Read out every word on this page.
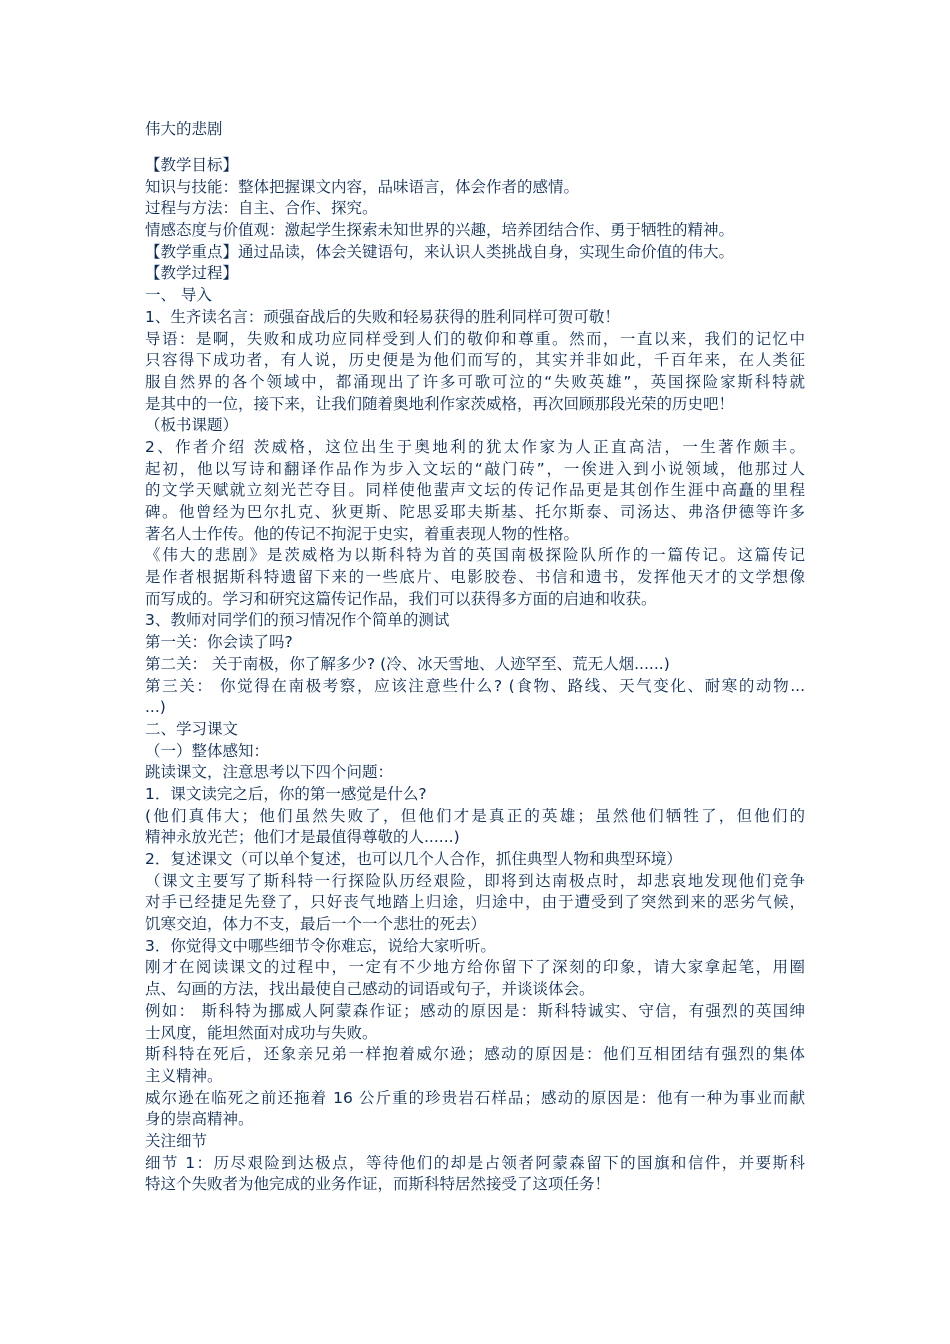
伟大的悲剧
【教学目标】
知识与技能：整体把握课文内容，品味语言，体会作者的感情。
过程与方法：自主、合作、探究。
情感态度与价值观：激起学生探索未知世界的兴趣，培养团结合作、勇于牺牲的精神。
【教学重点】通过品读，体会关键语句，来认识人类挑战自身，实现生命价值的伟大。
【教学过程】
一、 导入
1、生齐读名言：顽强奋战后的失败和轻易获得的胜利同样可贺可敬！
导语：是啊，失败和成功应同样受到人们的敬仰和尊重。然而，一直以来，我们的记忆中
只容得下成功者，有人说，历史便是为他们而写的，其实并非如此，千百年来，在人类征
服自然界的各个领域中，都涌现出了许多可歌可泣的“失败英雄”，英国探险家斯科特就
是其中的一位，接下来，让我们随着奥地利作家茨威格，再次回顾那段光荣的历史吧！
（板书课题）
2、作者介绍 茨威格，这位出生于奥地利的犹太作家为人正直高洁，一生著作颇丰。
起初，他以写诗和翻译作品作为步入文坛的“敲门砖”，一俟进入到小说领域，他那过人
的文学天赋就立刻光芒夺目。同样使他蜚声文坛的传记作品更是其创作生涯中高矗的里程
碑。他曾经为巴尔扎克、狄更斯、陀思妥耶夫斯基、托尔斯泰、司汤达、弗洛伊德等许多
著名人士作传。他的传记不拘泥于史实，着重表现人物的性格。
《伟大的悲剧》是茨威格为以斯科特为首的英国南极探险队所作的一篇传记。这篇传记
是作者根据斯科特遗留下来的一些底片、电影胶卷、书信和遗书，发挥他天才的文学想像
而写成的。学习和研究这篇传记作品，我们可以获得多方面的启迪和收获。
3、教师对同学们的预习情况作个简单的测试
第一关：你会读了吗?
第二关： 关于南极，你了解多少? (冷、冰天雪地、人迹罕至、荒无人烟......)
第三关： 你觉得在南极考察，应该注意些什么? (食物、路线、天气变化、耐寒的动物...
...)
二、学习课文
（一）整体感知：
跳读课文，注意思考以下四个问题：
1．课文读完之后，你的第一感觉是什么?
(他们真伟大；他们虽然失败了，但他们才是真正的英雄；虽然他们牺牲了，但他们的
精神永放光芒；他们才是最值得尊敬的人......)
2．复述课文（可以单个复述，也可以几个人合作，抓住典型人物和典型环境）
（课文主要写了斯科特一行探险队历经艰险，即将到达南极点时，却悲哀地发现他们竞争
对手已经捷足先登了，只好丧气地踏上归途，归途中，由于遭受到了突然到来的恶劣气候，
饥寒交迫，体力不支，最后一个一个悲壮的死去）
3．你觉得文中哪些细节令你难忘，说给大家听听。
刚才在阅读课文的过程中，一定有不少地方给你留下了深刻的印象，请大家拿起笔，用圈
点、勾画的方法，找出最使自己感动的词语或句子，并谈谈体会。
例如： 斯科特为挪威人阿蒙森作证；感动的原因是：斯科特诚实、守信，有强烈的英国绅
士风度，能坦然面对成功与失败。
斯科特在死后，还象亲兄弟一样抱着威尔逊；感动的原因是：他们互相团结有强烈的集体
主义精神。
威尔逊在临死之前还拖着 16 公斤重的珍贵岩石样品；感动的原因是：他有一种为事业而献
身的崇高精神。
关注细节
细节 1：历尽艰险到达极点，等待他们的却是占领者阿蒙森留下的国旗和信件，并要斯科
特这个失败者为他完成的业务作证，而斯科特居然接受了这项任务！
